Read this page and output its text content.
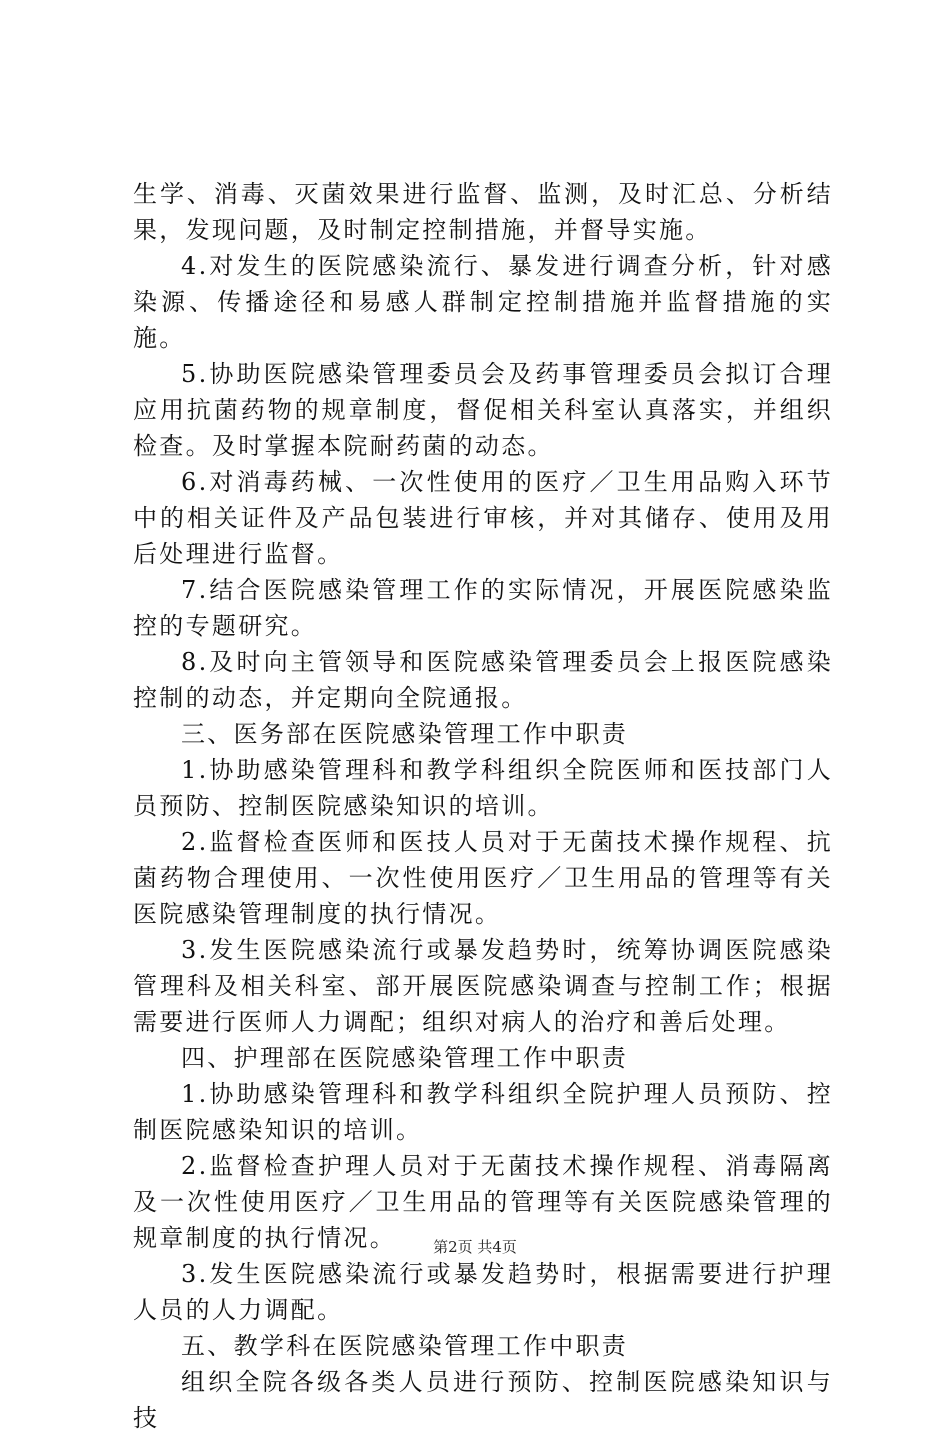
生学、消毒、灭菌效果进行监督、监测，及时汇总、分析结果，发现问题，及时制定控制措施，并督导实施。

4.对发生的医院感染流行、暴发进行调查分析，针对感染源、传播途径和易感人群制定控制措施并监督措施的实施。

5.协助医院感染管理委员会及药事管理委员会拟订合理应用抗菌药物的规章制度，督促相关科室认真落实，并组织检查。及时掌握本院耐药菌的动态。

6.对消毒药械、一次性使用的医疗／卫生用品购入环节中的相关证件及产品包装进行审核，并对其储存、使用及用后处理进行监督。

7.结合医院感染管理工作的实际情况，开展医院感染监控的专题研究。

8.及时向主管领导和医院感染管理委员会上报医院感染控制的动态，并定期向全院通报。

三、医务部在医院感染管理工作中职责

1.协助感染管理科和教学科组织全院医师和医技部门人员预防、控制医院感染知识的培训。

2.监督检查医师和医技人员对于无菌技术操作规程、抗菌药物合理使用、一次性使用医疗／卫生用品的管理等有关医院感染管理制度的执行情况。

3.发生医院感染流行或暴发趋势时，统筹协调医院感染管理科及相关科室、部开展医院感染调查与控制工作；根据需要进行医师人力调配；组织对病人的治疗和善后处理。

四、护理部在医院感染管理工作中职责

1.协助感染管理科和教学科组织全院护理人员预防、控制医院感染知识的培训。

2.监督检查护理人员对于无菌技术操作规程、消毒隔离及一次性使用医疗／卫生用品的管理等有关医院感染管理的规章制度的执行情况。

3.发生医院感染流行或暴发趋势时，根据需要进行护理人员的人力调配。

五、教学科在医院感染管理工作中职责

组织全院各级各类人员进行预防、控制医院感染知识与技

第2页 共4页
